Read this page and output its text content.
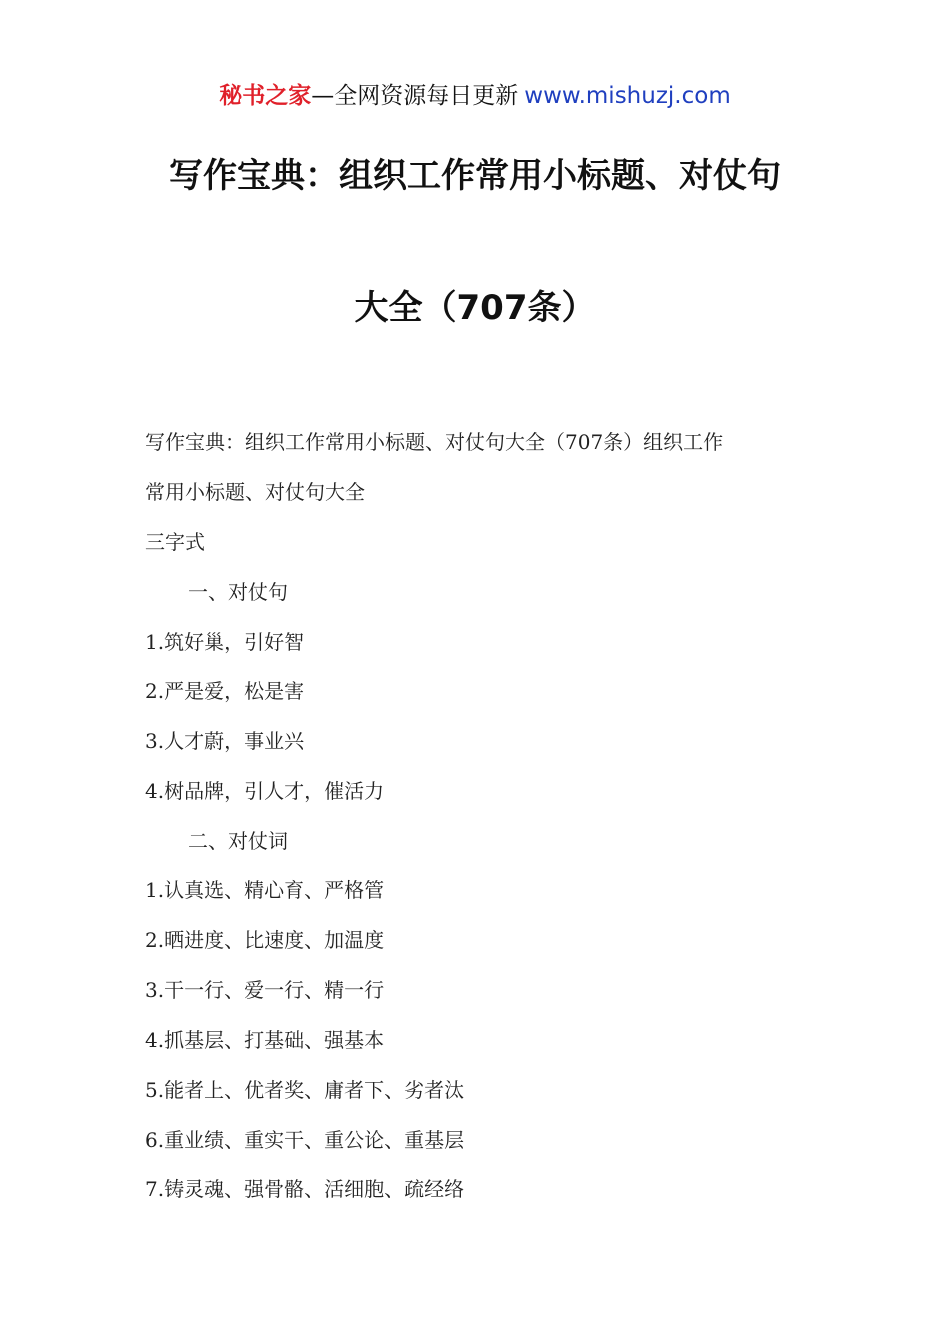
秘书之家—全网资源每日更新 www.mishuzj.com
写作宝典：组织工作常用小标题、对仗句
大全（707条）
写作宝典：组织工作常用小标题、对仗句大全（707条）组织工作
常用小标题、对仗句大全
三字式
一、对仗句
1.筑好巢，引好智
2.严是爱，松是害
3.人才蔚，事业兴
4.树品牌，引人才，催活力
二、对仗词
1.认真选、精心育、严格管
2.晒进度、比速度、加温度
3.干一行、爱一行、精一行
4.抓基层、打基础、强基本
5.能者上、优者奖、庸者下、劣者汰
6.重业绩、重实干、重公论、重基层
7.铸灵魂、强骨骼、活细胞、疏经络
